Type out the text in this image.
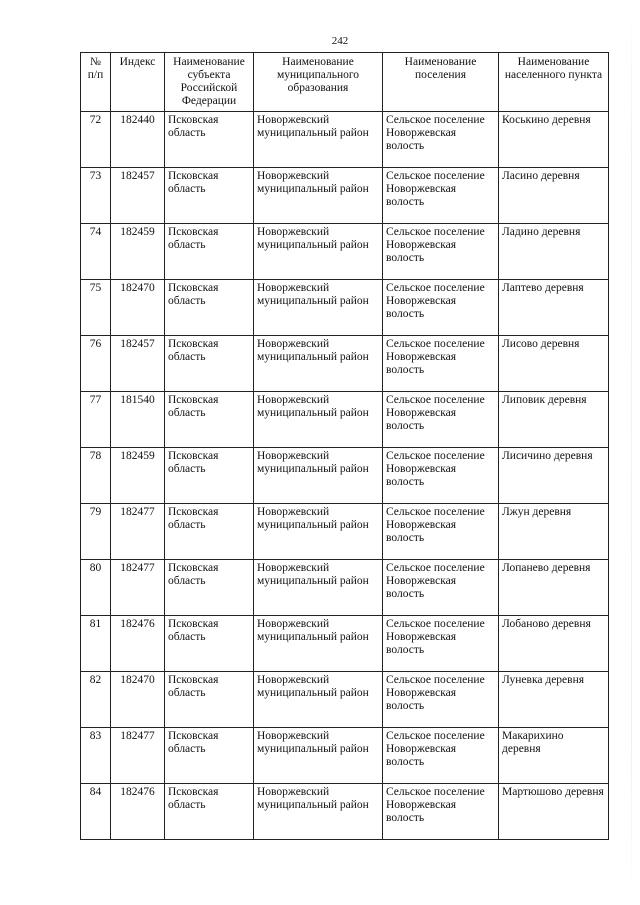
242
№ п/п	Индекс	Наименование субъекта Российской Федерации	Наименование муниципального образования	Наименование поселения	Наименование населенного пункта
72	182440	Псковская область	Новоржевский муниципальный район	Сельское поселение Новоржевская волость	Коськино деревня
73	182457	Псковская область	Новоржевский муниципальный район	Сельское поселение Новоржевская волость	Ласино деревня
74	182459	Псковская область	Новоржевский муниципальный район	Сельское поселение Новоржевская волость	Ладино деревня
75	182470	Псковская область	Новоржевский муниципальный район	Сельское поселение Новоржевская волость	Лаптево деревня
76	182457	Псковская область	Новоржевский муниципальный район	Сельское поселение Новоржевская волость	Лисово деревня
77	181540	Псковская область	Новоржевский муниципальный район	Сельское поселение Новоржевская волость	Липовик деревня
78	182459	Псковская область	Новоржевский муниципальный район	Сельское поселение Новоржевская волость	Лисичино деревня
79	182477	Псковская область	Новоржевский муниципальный район	Сельское поселение Новоржевская волость	Лжун деревня
80	182477	Псковская область	Новоржевский муниципальный район	Сельское поселение Новоржевская волость	Лопанево деревня
81	182476	Псковская область	Новоржевский муниципальный район	Сельское поселение Новоржевская волость	Лобаново деревня
82	182470	Псковская область	Новоржевский муниципальный район	Сельское поселение Новоржевская волость	Луневка деревня
83	182477	Псковская область	Новоржевский муниципальный район	Сельское поселение Новоржевская волость	Макарихино деревня
84	182476	Псковская область	Новоржевский муниципальный район	Сельское поселение Новоржевская волость	Мартюшово деревня
